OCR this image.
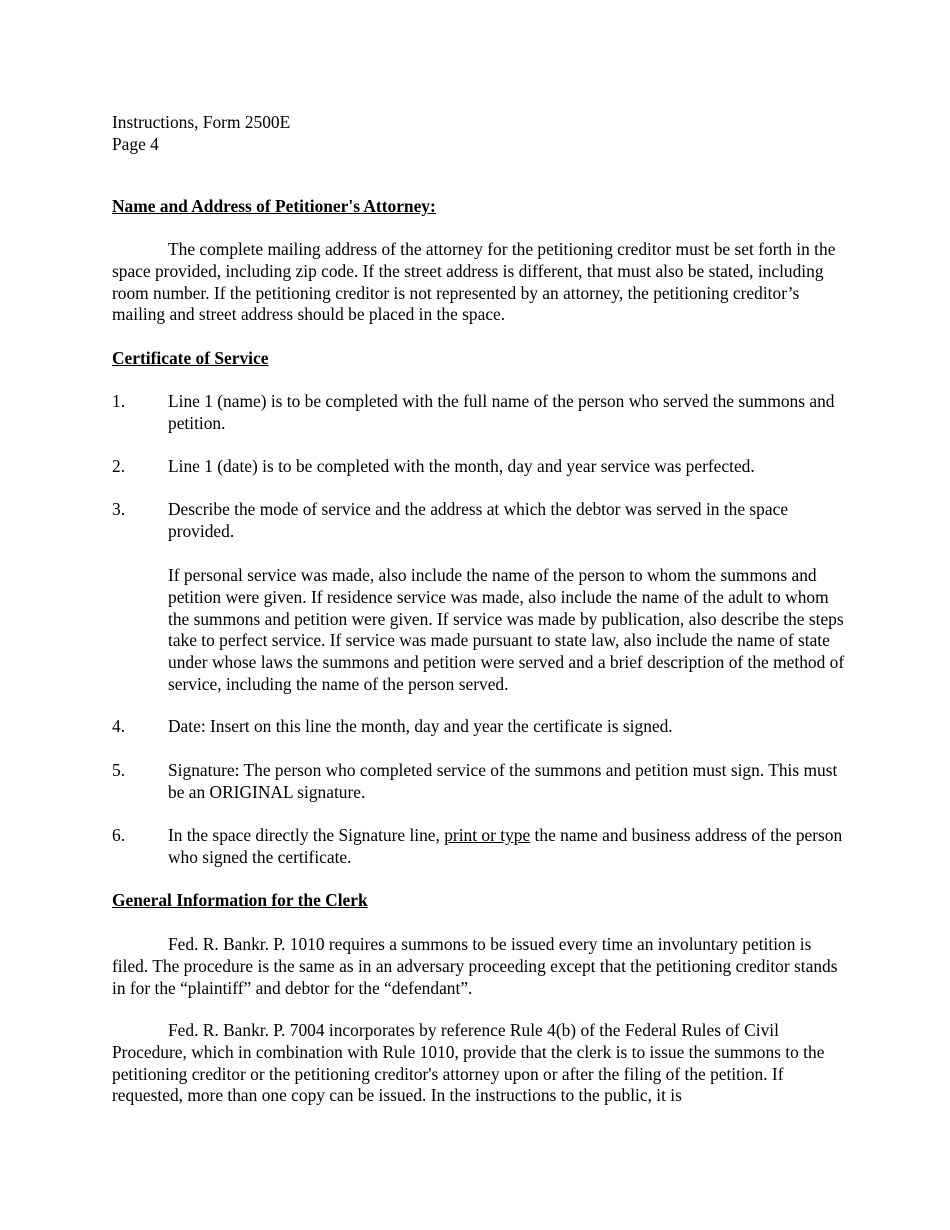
Instructions, Form 2500E
Page 4
Name and Address of Petitioner's Attorney:
The complete mailing address of the attorney for the petitioning creditor must be set forth in the space provided, including zip code. If the street address is different, that must also be stated, including room number. If the petitioning creditor is not represented by an attorney, the petitioning creditor’s mailing and street address should be placed in the space.
Certificate of Service
1. Line 1 (name) is to be completed with the full name of the person who served the summons and petition.
2. Line 1 (date) is to be completed with the month, day and year service was perfected.
3. Describe the mode of service and the address at which the debtor was served in the space provided.
If personal service was made, also include the name of the person to whom the summons and petition were given. If residence service was made, also include the name of the adult to whom the summons and petition were given. If service was made by publication, also describe the steps take to perfect service. If service was made pursuant to state law, also include the name of state under whose laws the summons and petition were served and a brief description of the method of service, including the name of the person served.
4. Date: Insert on this line the month, day and year the certificate is signed.
5. Signature: The person who completed service of the summons and petition must sign. This must be an ORIGINAL signature.
6. In the space directly the Signature line, print or type the name and business address of the person who signed the certificate.
General Information for the Clerk
Fed. R. Bankr. P. 1010 requires a summons to be issued every time an involuntary petition is filed. The procedure is the same as in an adversary proceeding except that the petitioning creditor stands in for the “plaintiff” and debtor for the “defendant”.
Fed. R. Bankr. P. 7004 incorporates by reference Rule 4(b) of the Federal Rules of Civil Procedure, which in combination with Rule 1010, provide that the clerk is to issue the summons to the petitioning creditor or the petitioning creditor's attorney upon or after the filing of the petition. If requested, more than one copy can be issued. In the instructions to the public, it is
